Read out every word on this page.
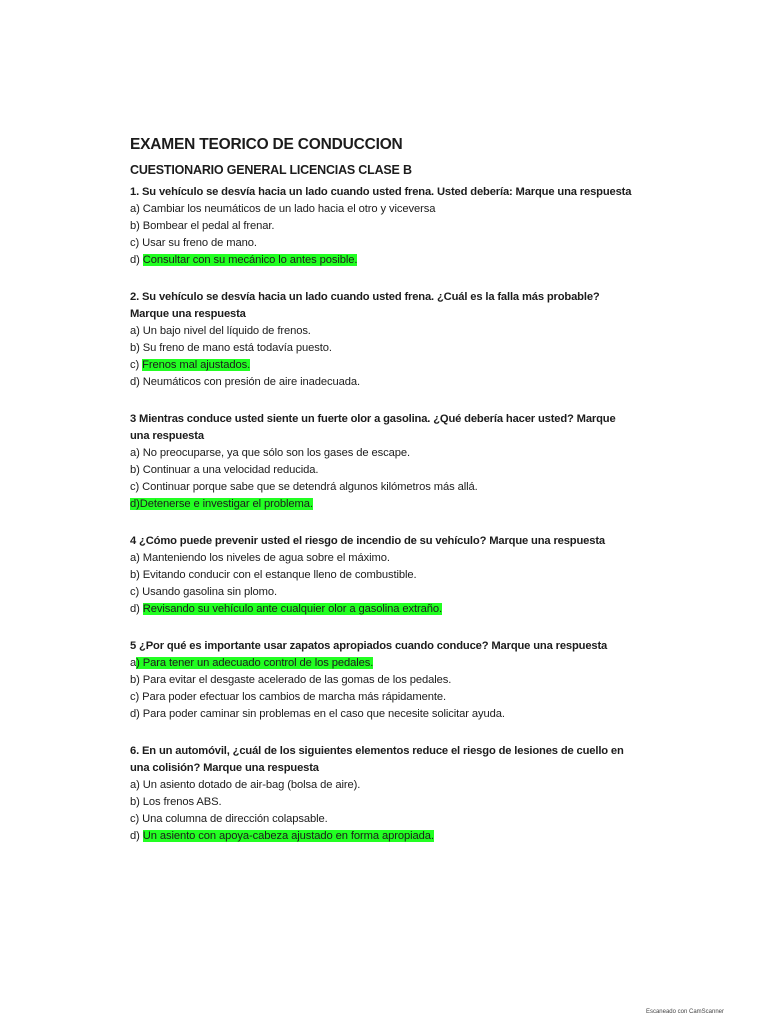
EXAMEN TEORICO DE CONDUCCION
CUESTIONARIO GENERAL LICENCIAS CLASE B
1. Su vehículo se desvía hacia un lado cuando usted frena. Usted debería: Marque una respuesta
a) Cambiar los neumáticos de un lado hacia el otro y viceversa
b) Bombear el pedal al frenar.
c) Usar su freno de mano.
d) Consultar con su mecánico lo antes posible.
2. Su vehículo se desvía hacia un lado cuando usted frena. ¿Cuál es la falla más probable? Marque una respuesta
a) Un bajo nivel del líquido de frenos.
b) Su freno de mano está todavía puesto.
c) Frenos mal ajustados.
d) Neumáticos con presión de aire inadecuada.
3 Mientras conduce usted siente un fuerte olor a gasolina. ¿Qué debería hacer usted? Marque una respuesta
a) No preocuparse, ya que sólo son los gases de escape.
b) Continuar a una velocidad reducida.
c) Continuar porque sabe que se detendrá algunos kilómetros más allá.
d)Detenerse e investigar el problema.
4 ¿Cómo puede prevenir usted el riesgo de incendio de su vehículo? Marque una respuesta
a) Manteniendo los niveles de agua sobre el máximo.
b) Evitando conducir con el estanque lleno de combustible.
c) Usando gasolina sin plomo.
d) Revisando su vehículo ante cualquier olor a gasolina extraño.
5 ¿Por qué es importante usar zapatos apropiados cuando conduce? Marque una respuesta
a) Para tener un adecuado control de los pedales.
b) Para evitar el desgaste acelerado de las gomas de los pedales.
c) Para poder efectuar los cambios de marcha más rápidamente.
d) Para poder caminar sin problemas en el caso que necesite solicitar ayuda.
6. En un automóvil, ¿cuál de los siguientes elementos reduce el riesgo de lesiones de cuello en una colisión? Marque una respuesta
a) Un asiento dotado de air-bag (bolsa de aire).
b) Los frenos ABS.
c) Una columna de dirección colapsable.
d) Un asiento con apoya-cabeza ajustado en forma apropiada.
Escaneado con CamScanner
